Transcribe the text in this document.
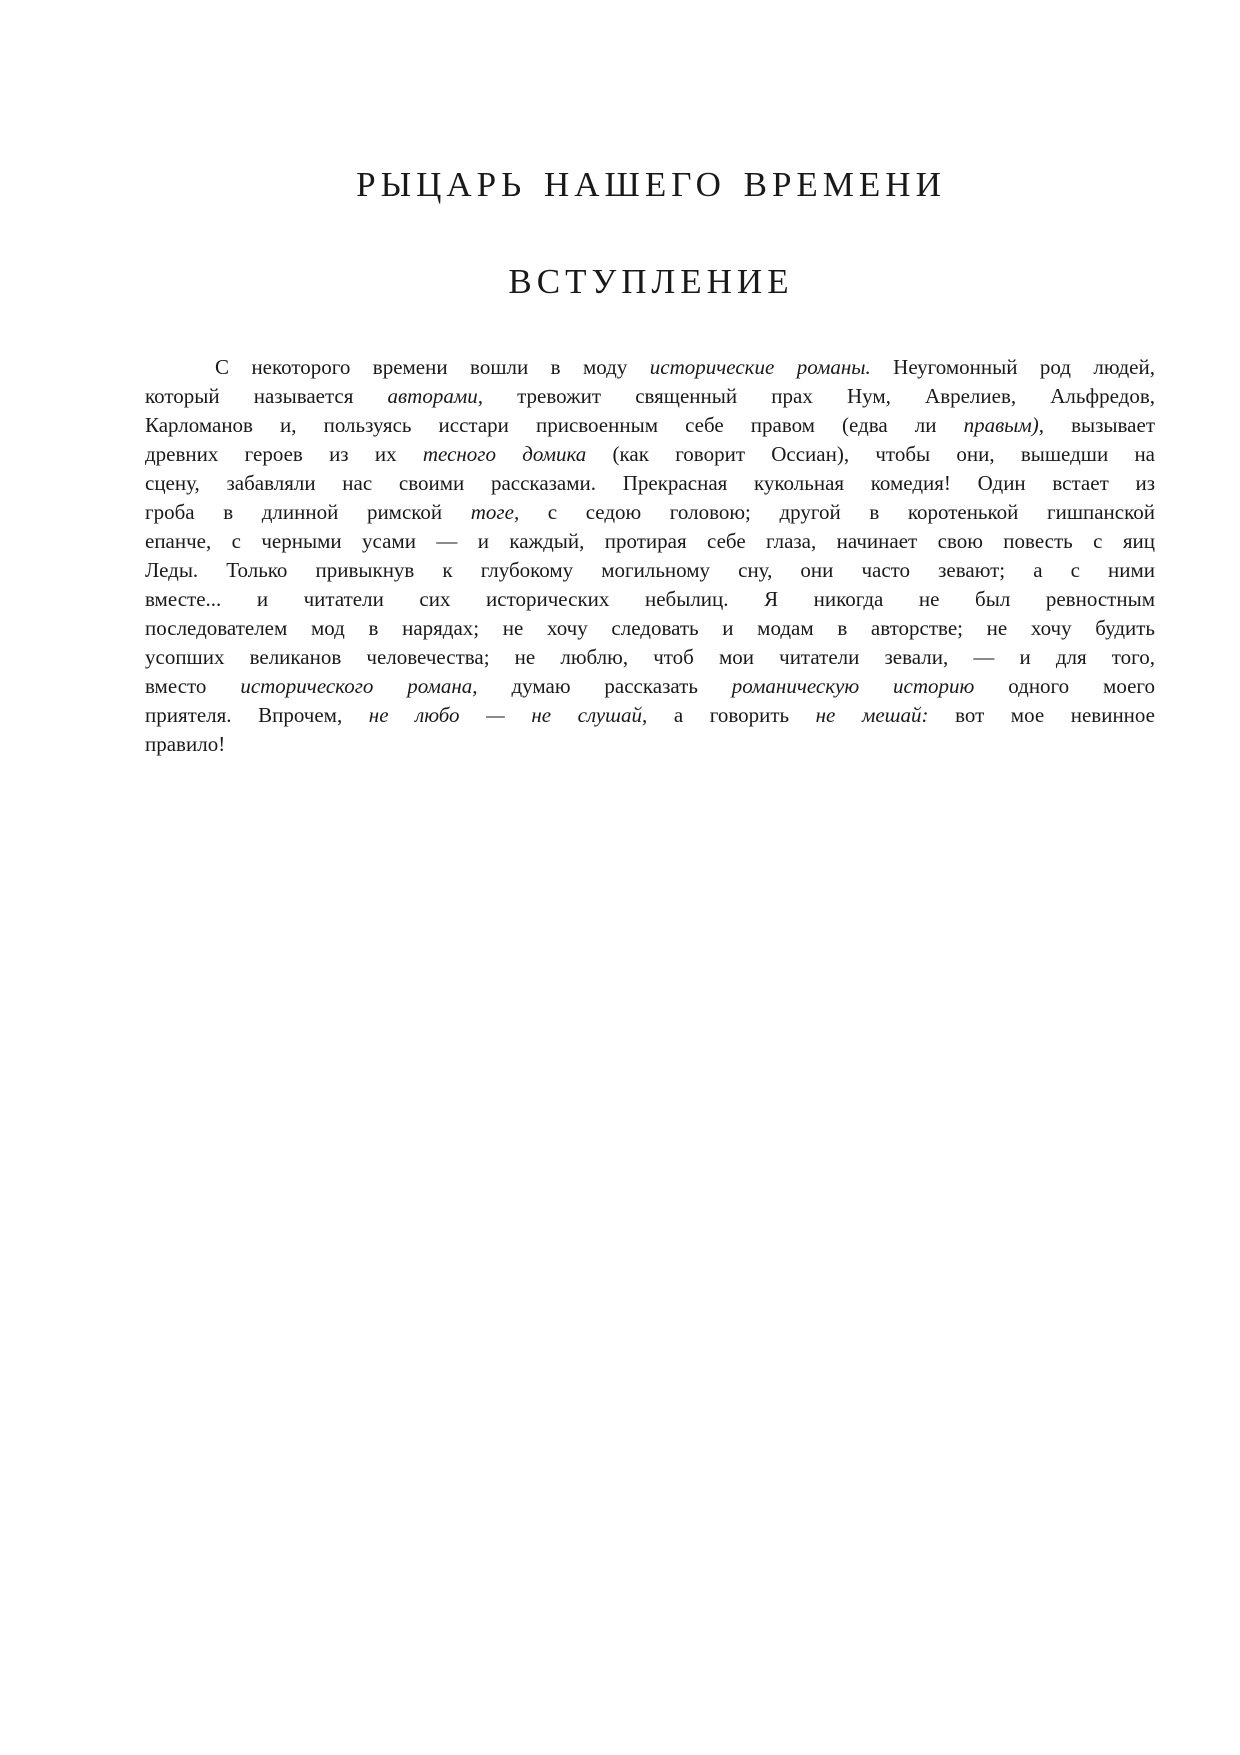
РЫЦАРЬ НАШЕГО ВРЕМЕНИ
ВСТУПЛЕНИЕ
С некоторого времени вошли в моду исторические романы. Неугомонный род людей,
который называется авторами, тревожит священный прах Нум, Аврелиев, Альфредов,
Карломанов и, пользуясь исстари присвоенным себе правом (едва ли правым), вызывает
древних героев из их тесного домика (как говорит Оссиан), чтобы они, вышедши на
сцену, забавляли нас своими рассказами. Прекрасная кукольная комедия! Один встает из
гроба в длинной римской тоге, с седою головою; другой в коротенькой гишпанской
епанче, с черными усами — и каждый, протирая себе глаза, начинает свою повесть с яиц
Леды. Только привыкнув к глубокому могильному сну, они часто зевают; а с ними
вместе... и читатели сих исторических небылиц. Я никогда не был ревностным
последователем мод в нарядах; не хочу следовать и модам в авторстве; не хочу будить
усопших великанов человечества; не люблю, чтоб мои читатели зевали, — и для того,
вместо исторического романа, думаю рассказать романическую историю одного моего
приятеля. Впрочем, не любо — не слушай, а говорить не мешай: вот мое невинное
правило!
